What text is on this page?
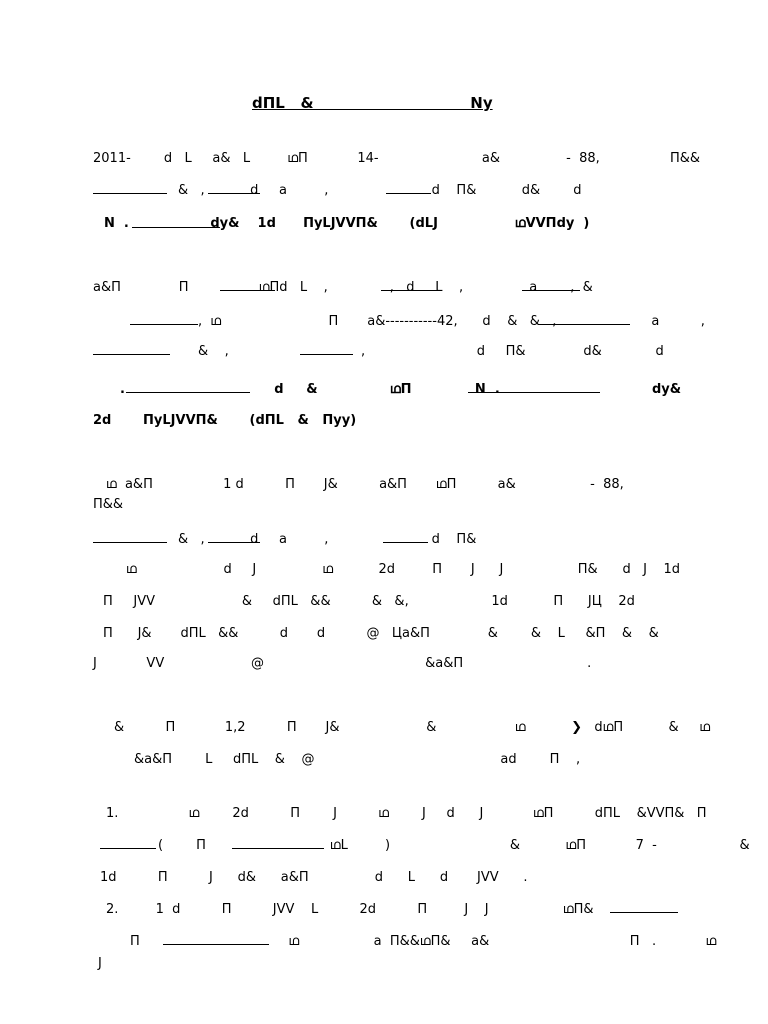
dПL   &                              Ny
2011-        d   L     a&   L         ഥП            14-                         a&                -  88,                 П&&
&   ,           d     a         ,                         d    П&           d&        d
N  .                  dy&    1d      ПyLJVVП&       (dLJ                 ഥVVПdy  )
a&П              П                 ഥПd   L    ,               ,   d     L    ,                a        ,  &
,  ഥ                          П       a&-----------42,      d    &   &   ,                       a          ,
&    ,                                ,                           d     П&              d&             d
.                                 d     &                ഥП              N  .	dy&
2d       ПyLJVVП&       (dПL   &   Пyy)
ഥ  a&П                 1 d          П       J&          a&П       ഥП          a&                  -  88,
П&&
&   ,           d     a         ,                         d    П&
ഥ                     d     J                ഥ           2d         П       J      J                  П&      d   J    1d
П     JVV                     &     dПL   &&          &   &,                    1d           П      JЦ    2d
П      J&       dПL   &&          d       d          @   Цa&П              &        &    L     &П    &    &
J            VV                     @                                       &a&П                              .
&          П            1,2          П       J&                     &                   ഥ           ❯   dഥП           &     ഥ
&a&П        L     dПL    &    @                                             ad        П    ,
1.                 ഥ        2d          П        J          ഥ        J     d      J            ഥП          dПL    &VVП&   П
(        П                              ഥL         )                             &           ഥП            7  -                    &
1d          П          J      d&      a&П                d      L      d       JVV      .
2.         1  d          П          JVV    L          2d          П         J    J                  ഥП&
П                                    ഥ                  a  П&&ഥП&     a&                                  П   .            ഥ
J
